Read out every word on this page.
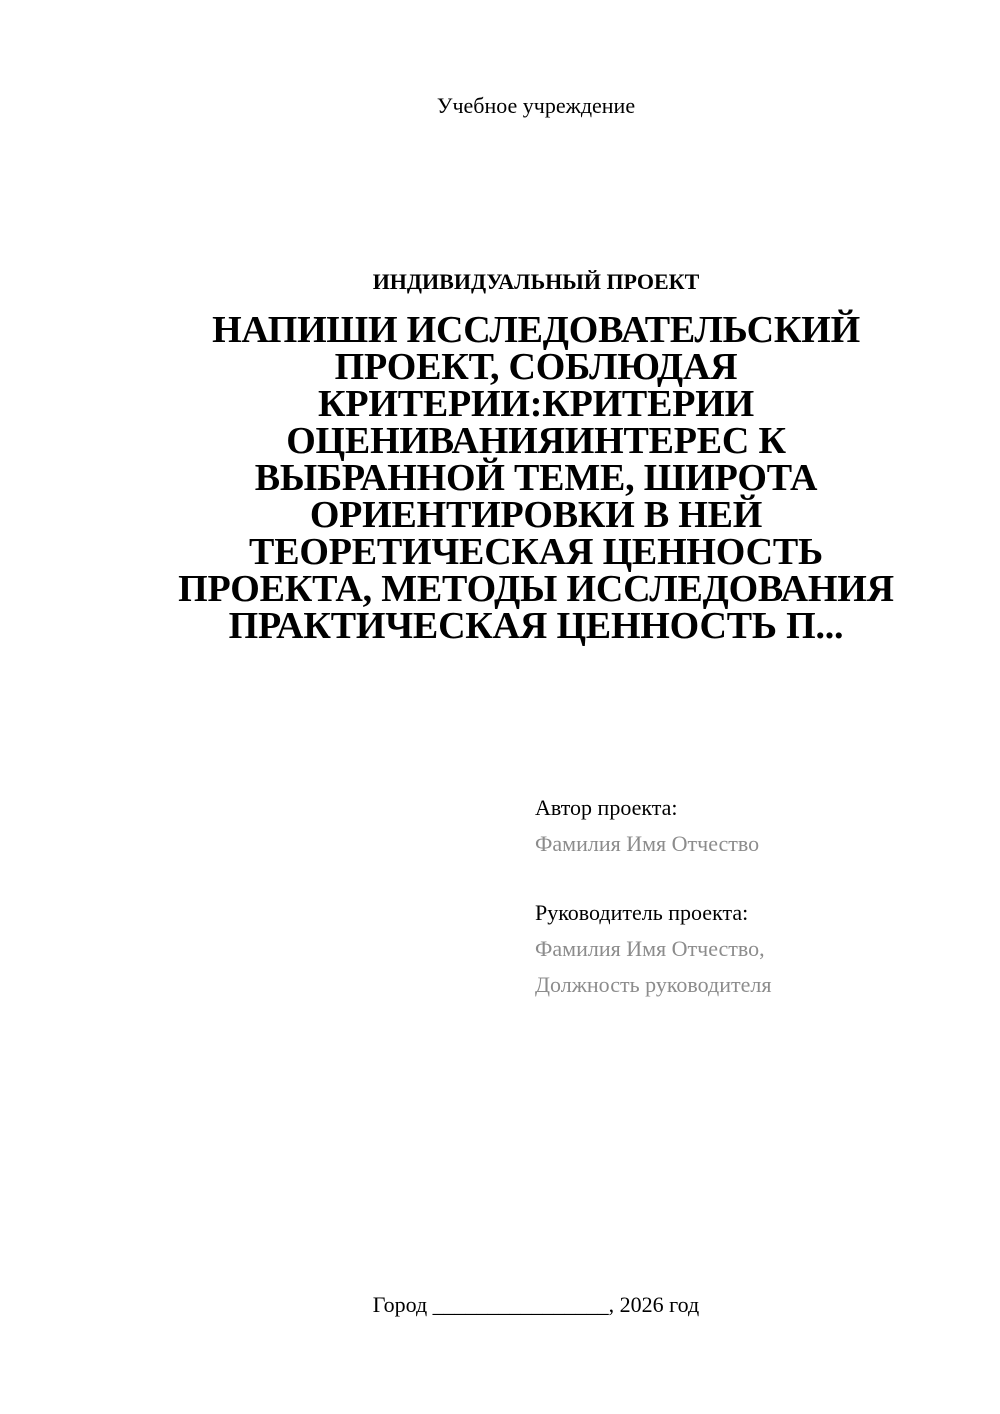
Учебное учреждение
ИНДИВИДУАЛЬНЫЙ ПРОЕКТ
НАПИШИ ИССЛЕДОВАТЕЛЬСКИЙ
ПРОЕКТ, СОБЛЮДАЯ
КРИТЕРИИ:КРИТЕРИИ
ОЦЕНИВАНИЯИНТЕРЕС К
ВЫБРАННОЙ ТЕМЕ, ШИРОТА
ОРИЕНТИРОВКИ В НЕЙ
ТЕОРЕТИЧЕСКАЯ ЦЕННОСТЬ
ПРОЕКТА, МЕТОДЫ ИССЛЕДОВАНИЯ
ПРАКТИЧЕСКАЯ ЦЕННОСТЬ П...
Автор проекта:
Фамилия Имя Отчество
Руководитель проекта:
Фамилия Имя Отчество,
Должность руководителя
Город ________________, 2026 год
